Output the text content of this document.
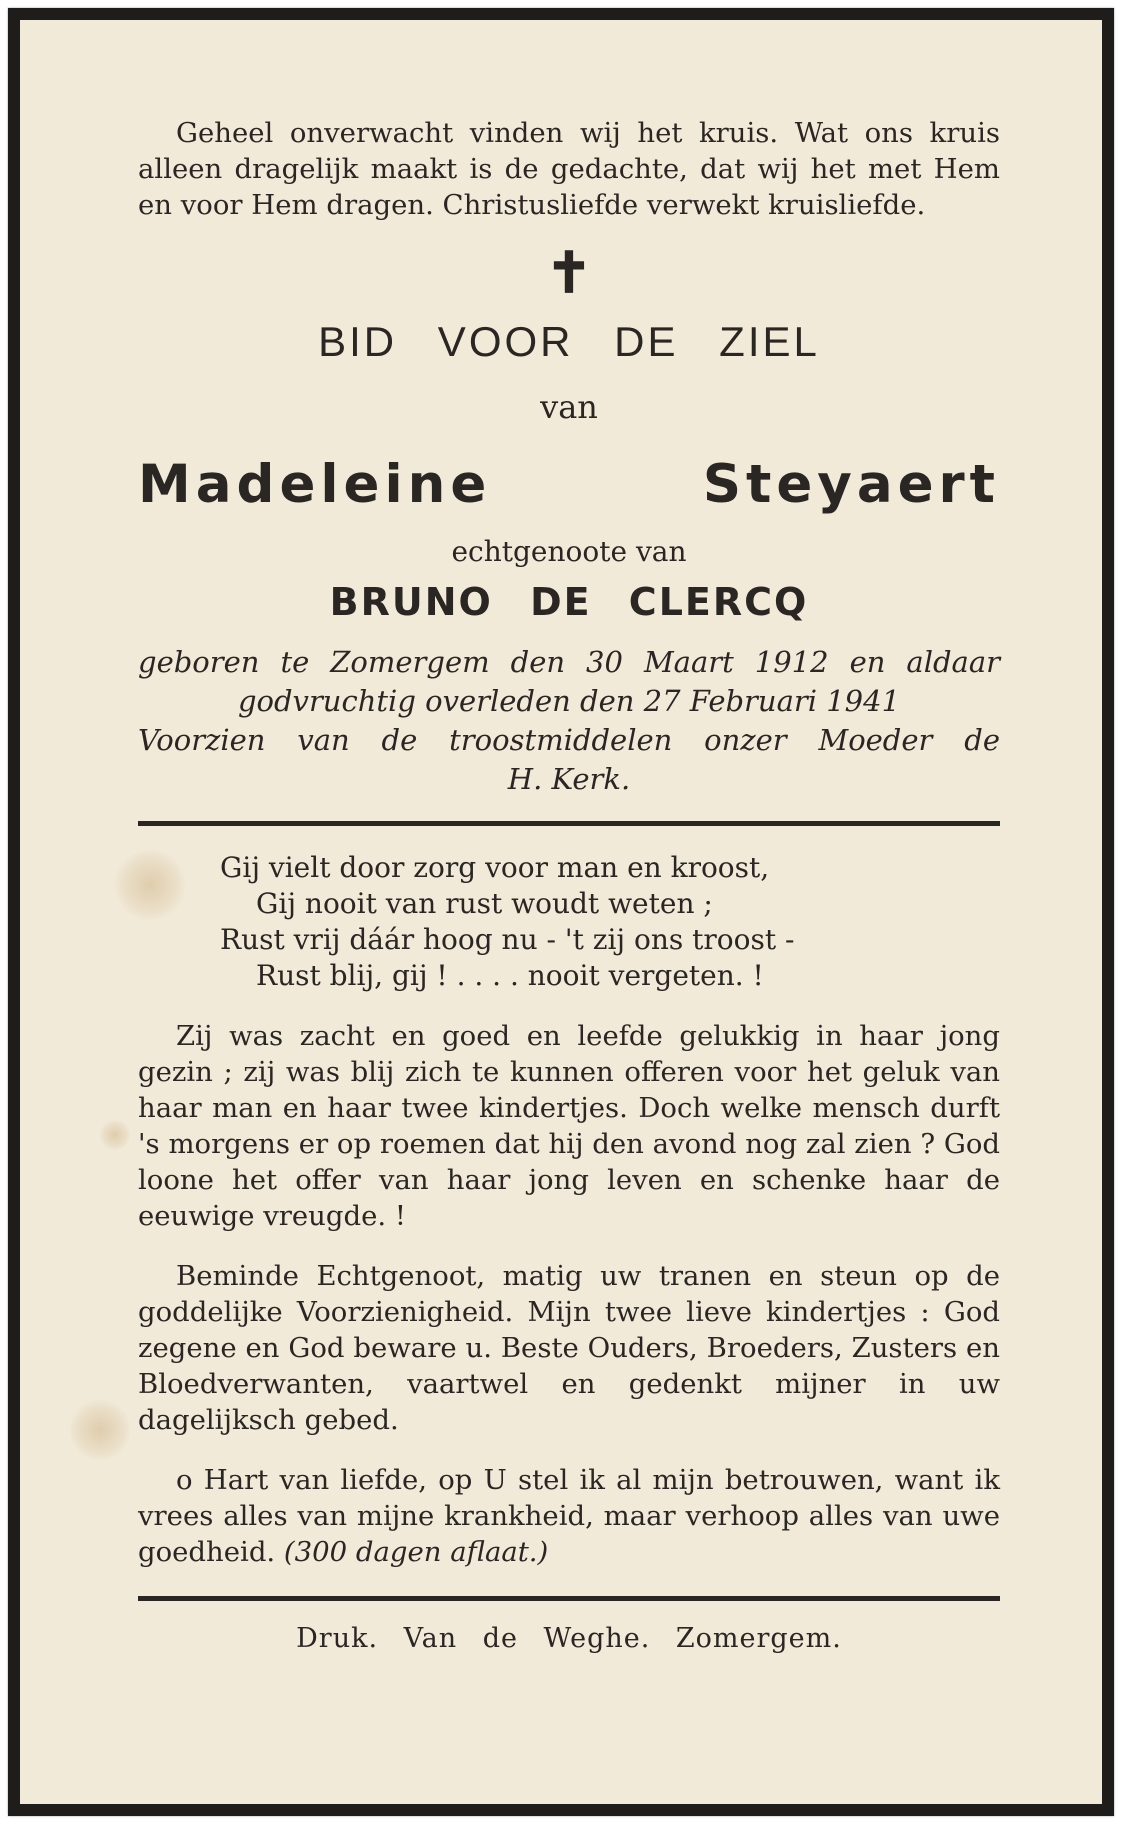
Geheel onverwacht vinden wij het kruis. Wat ons kruis alleen dragelijk maakt is de gedachte, dat wij het met Hem en voor Hem dragen. Christusliefde verwekt kruisliefde.

✝
BID VOOR DE ZIEL
van
Madeleine	Steyaert
echtgenoote van
BRUNO DE CLERCQ
geboren te Zomergem den 30 Maart 1912 en aldaar
godvruchtig overleden den 27 Februari 1941
Voorzien van de troostmiddelen onzer Moeder de
H. Kerk.
Gij vielt door zorg voor man en kroost,
Gij nooit van rust woudt weten ;
Rust vrij dáár hoog nu - 't zij ons troost -
Rust blij, gij ! . . . . nooit vergeten. !

Zij was zacht en goed en leefde gelukkig in haar jong gezin ; zij was blij zich te kunnen offeren voor het geluk van haar man en haar twee kindertjes. Doch welke mensch durft 's morgens er op roemen dat hij den avond nog zal zien ? God loone het offer van haar jong leven en schenke haar de eeuwige vreugde. !

Beminde Echtgenoot, matig uw tranen en steun op de goddelijke Voorzienigheid. Mijn twee lieve kindertjes : God zegene en God beware u. Beste Ouders, Broeders, Zusters en Bloedverwanten, vaartwel en gedenkt mijner in uw dagelijksch gebed.

o Hart van liefde, op U stel ik al mijn betrouwen, want ik vrees alles van mijne krankheid, maar verhoop alles van uwe goedheid. (300 dagen aflaat.)

Druk. Van de Weghe. Zomergem.
